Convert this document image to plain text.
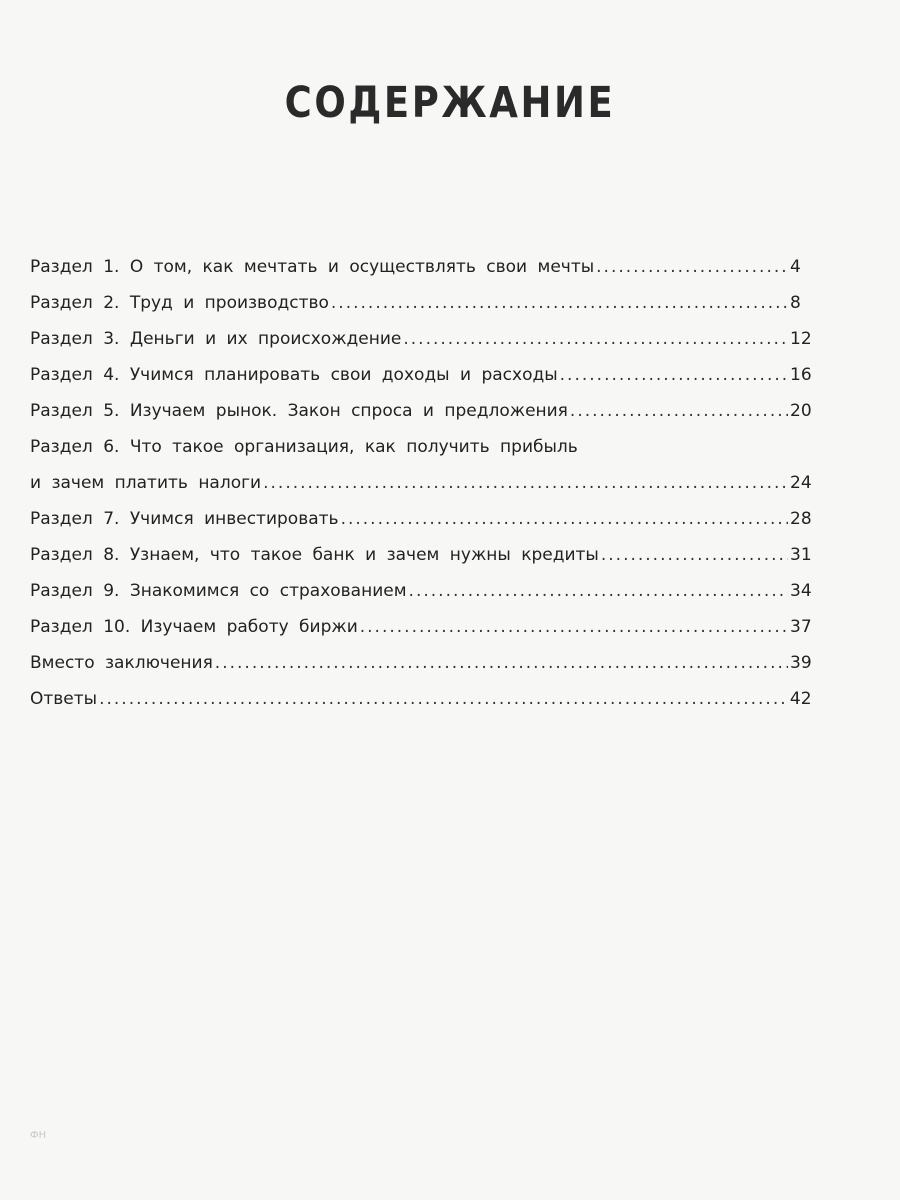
СОДЕРЖАНИЕ
Раздел 1. О том, как мечтать и осуществлять свои мечты .....	4
Раздел 2. Труд и производство .....	8
Раздел 3. Деньги и их происхождение .....	12
Раздел 4. Учимся планировать свои доходы и расходы .....	16
Раздел 5. Изучаем рынок. Закон спроса и предложения .....	20
Раздел 6. Что такое организация, как получить прибыль
и зачем платить налоги .....	24
Раздел 7. Учимся инвестировать .....	28
Раздел 8. Узнаем, что такое банк и зачем нужны кредиты .....	31
Раздел 9. Знакомимся со страхованием .....	34
Раздел 10. Изучаем работу биржи .....	37
Вместо заключения .....	39
Ответы .....	42
ФН
